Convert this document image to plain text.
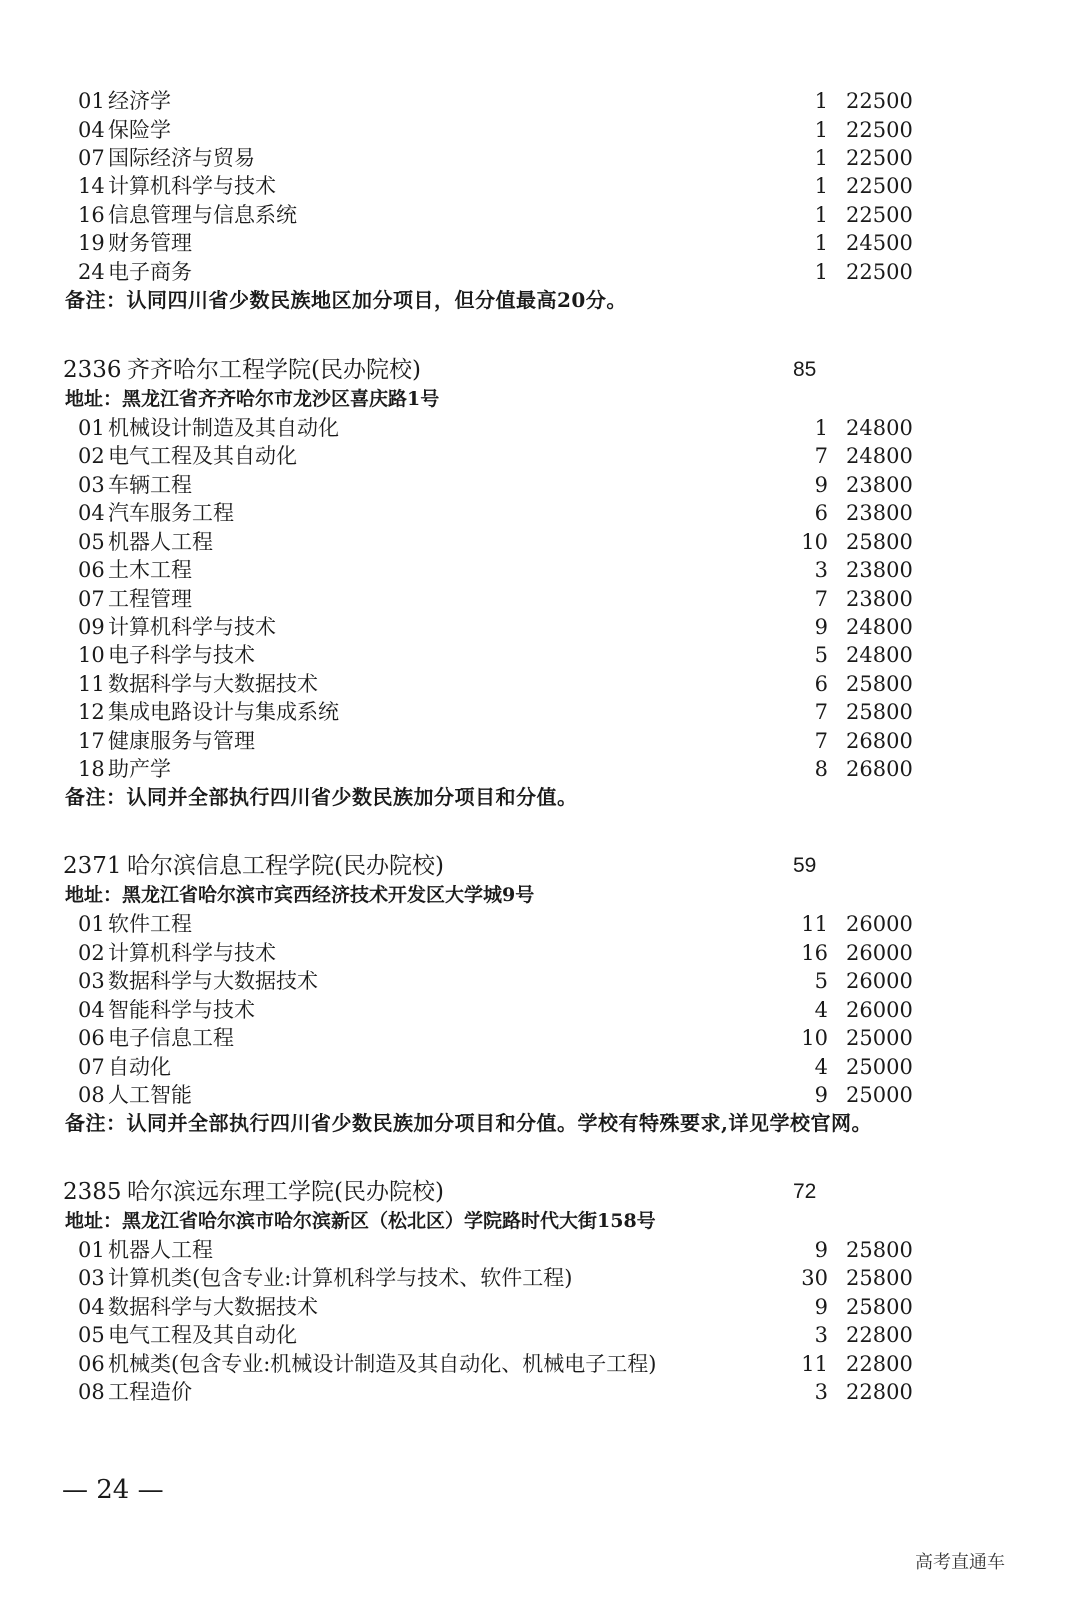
01 经济学	1 22500
04 保险学	1 22500
07 国际经济与贸易	1 22500
14 计算机科学与技术	1 22500
16 信息管理与信息系统	1 22500
19 财务管理	1 24500
24 电子商务	1 22500
备注：认同四川省少数民族地区加分项目，但分值最高20分。
2336 齐齐哈尔工程学院(民办院校)	85
地址：黑龙江省齐齐哈尔市龙沙区喜庆路1号
01 机械设计制造及其自动化	1 24800
02 电气工程及其自动化	7 24800
03 车辆工程	9 23800
04 汽车服务工程	6 23800
05 机器人工程	10 25800
06 土木工程	3 23800
07 工程管理	7 23800
09 计算机科学与技术	9 24800
10 电子科学与技术	5 24800
11 数据科学与大数据技术	6 25800
12 集成电路设计与集成系统	7 25800
17 健康服务与管理	7 26800
18 助产学	8 26800
备注：认同并全部执行四川省少数民族加分项目和分值。
2371 哈尔滨信息工程学院(民办院校)	59
地址：黑龙江省哈尔滨市宾西经济技术开发区大学城9号
01 软件工程	11 26000
02 计算机科学与技术	16 26000
03 数据科学与大数据技术	5 26000
04 智能科学与技术	4 26000
06 电子信息工程	10 25000
07 自动化	4 25000
08 人工智能	9 25000
备注：认同并全部执行四川省少数民族加分项目和分值。学校有特殊要求,详见学校官网。
2385 哈尔滨远东理工学院(民办院校)	72
地址：黑龙江省哈尔滨市哈尔滨新区（松北区）学院路时代大街158号
01 机器人工程	9 25800
03 计算机类(包含专业:计算机科学与技术、软件工程)	30 25800
04 数据科学与大数据技术	9 25800
05 电气工程及其自动化	3 22800
06 机械类(包含专业:机械设计制造及其自动化、机械电子工程)	11 22800
08 工程造价	3 22800
— 24 —
高考直通车
